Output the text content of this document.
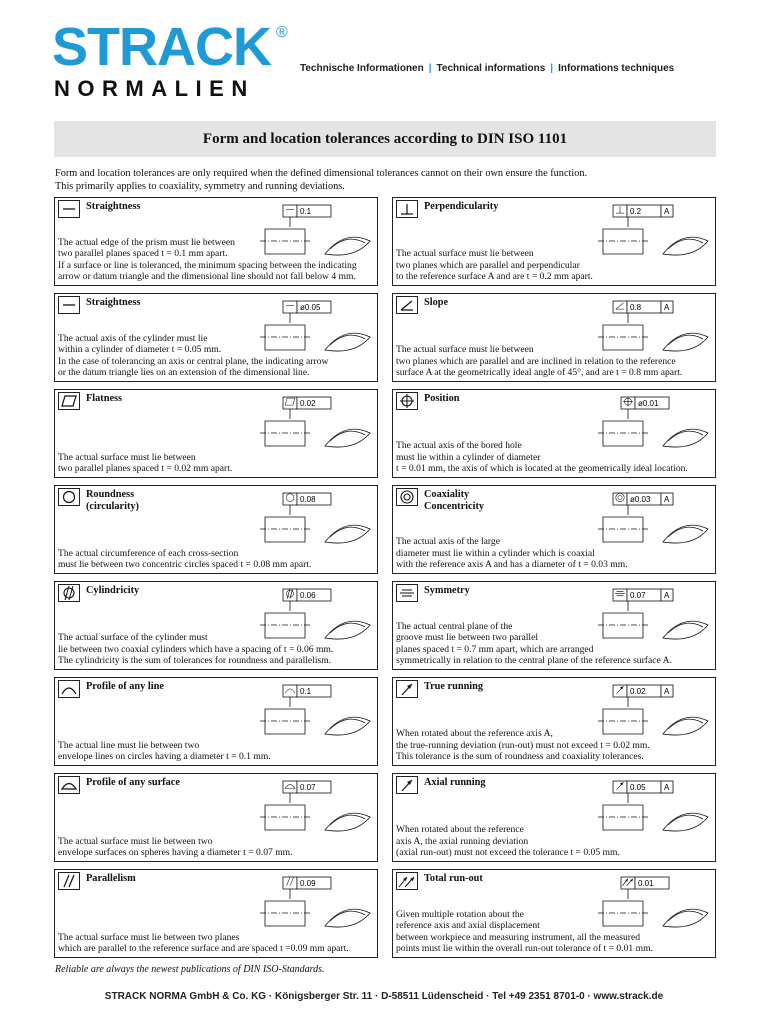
STRACK ®
NORMALIEN
Technische Informationen | Technical informations | Informations techniques
Form and location tolerances according to DIN ISO 1101

Form and location tolerances are only required when the defined dimensional tolerances cannot on their own ensure the function.

This primarily applies to coaxiality, symmetry and running deviations.

Straightness	0.1
The actual edge of the prism must lie between
two parallel planes spaced t = 0.1 mm apart.
If a surface or line is toleranced, the minimum spacing between the indicating
arrow or datum triangle and the dimensional line should not fall below 4 mm.
Perpendicularity	0.2	A
The actual surface must lie between
two planes which are parallel and perpendicular
to the reference surface A and are t = 0.2 mm apart.
Straightness	ø0.05
The actual axis of the cylinder must lie
within a cylinder of diameter t = 0.05 mm.
In the case of tolerancing an axis or central plane, the indicating arrow
or the datum triangle lies on an extension of the dimensional line.
Slope	0.8	A
The actual surface must lie between
two planes which are parallel and are inclined in relation to the reference
surface A at the geometrically ideal angle of 45°, and are t = 0.8 mm apart.
Flatness	0.02
The actual surface must lie between
two parallel planes spaced t = 0.02 mm apart.
Position	ø0.01
The actual axis of the bored hole
must lie within a cylinder of diameter
t = 0.01 mm, the axis of which is located at the geometrically ideal location.
Roundness
(circularity)
0.08
The actual circumference of each cross-section
must lie between two concentric circles spaced t = 0.08 mm apart.
Coaxiality
Concentricity
ø0.03 A
The actual axis of the large
diameter must lie within a cylinder which is coaxial
with the reference axis A and has a diameter of t = 0.03 mm.
Cylindricity	0.06
The actual surface of the cylinder must
lie between two coaxial cylinders which have a spacing of t = 0.06 mm.
The cylindricity is the sum of tolerances for roundness and parallelism.
Symmetry	0.07 A
The actual central plane of the
groove must lie between two parallel
planes spaced t = 0.7 mm apart, which are arranged
symmetrically in relation to the central plane of the reference surface A.
Profile of any line	0.1
The actual line must lie between two
envelope lines on circles having a diameter t = 0.1 mm.
True running	0.02 A
When rotated about the reference axis A,
the true-running deviation (run-out) must not exceed t = 0.02 mm.
This tolerance is the sum of roundness and coaxiality tolerances.
Profile of any surface	0.07
The actual surface must lie between two
envelope surfaces on spheres having a diameter t = 0.07 mm.
Axial running	0.05 A
When rotated about the reference
axis A, the axial running deviation
(axial run-out) must not exceed the tolerance t = 0.05 mm.
Parallelism	0.09
The actual surface must lie between two planes
which are parallel to the reference surface and are spaced t =0.09 mm apart.
Total run-out	0.01
Given multiple rotation about the
reference axis and axial displacement
between workpiece and measuring instrument, all the measured
points must lie within the overall run-out tolerance of t = 0.01 mm.
Reliable are always the newest publications of DIN ISO-Standards.
STRACK NORMA GmbH & Co. KG · Königsberger Str. 11 · D-58511 Lüdenscheid · Tel +49 2351 8701-0 · www.strack.de
